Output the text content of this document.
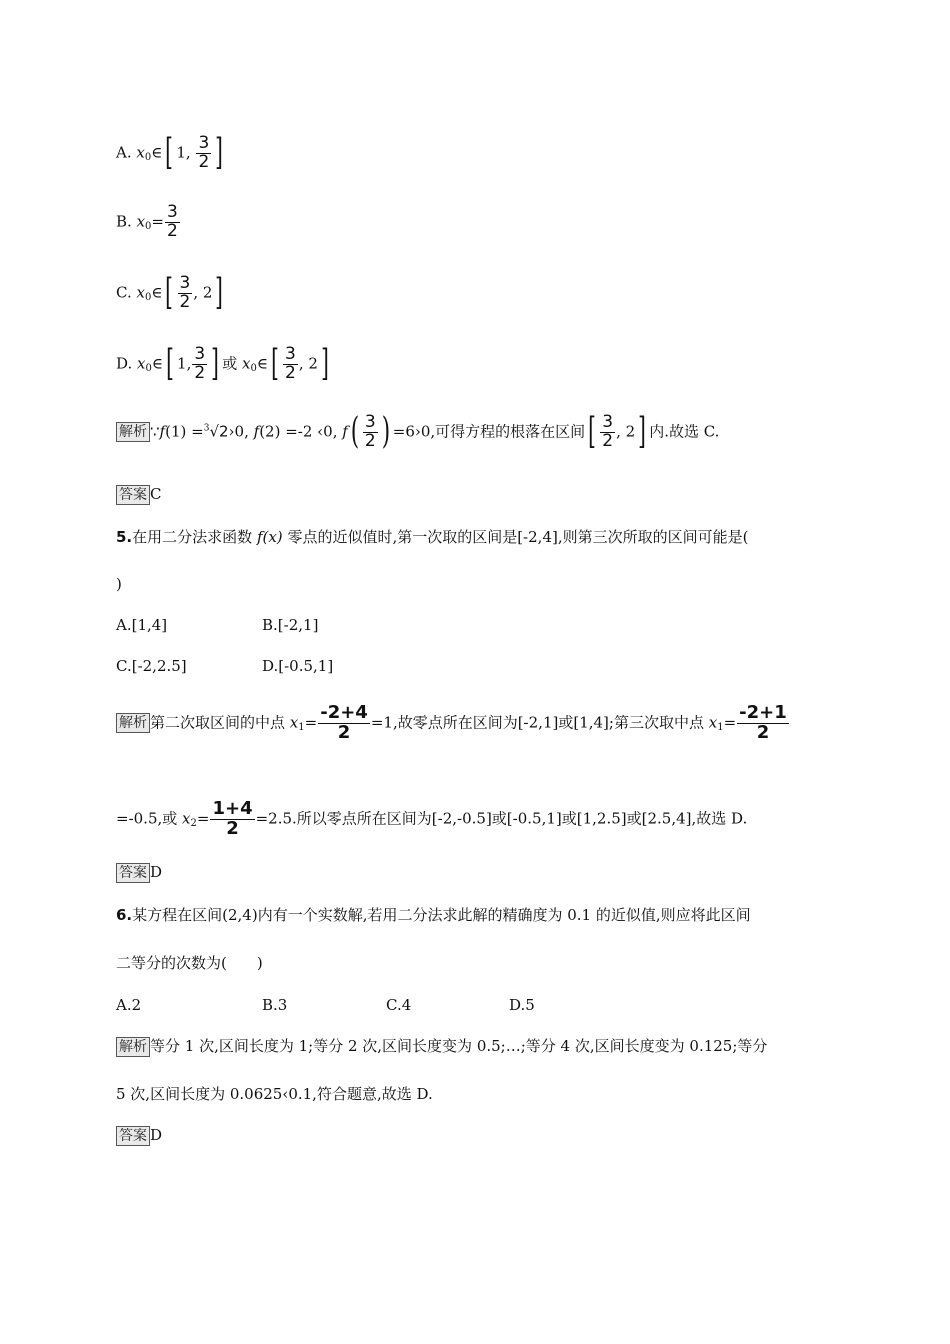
A. $x_0\in$[ 1, $\frac{3}{2}$ ]
B. $x_0= \frac{3}{2}$
C. $x_0\in[ \frac{3}{2}$ , 2]
D. $x_0\in$[ 1, $\frac{3}{2}$ ] 或 $x_0\in[ \frac{3}{2}$ , 2]
解析 ∵f(1) =$^3$√2›0, f(2) =-2 ‹0, $f( \frac{3}{2}$ ) =6›0,可得方程的根落在区间[ $\frac{3}{2}$ , 2] 内.故选 C.
答案 C
5.在用二分法求函数 f(x) 零点的近似值时,第一次取的区间是[-2,4],则第三次所取的区间可能是(
)
A.[1,4]	B.[-2,1]
C.[-2,2.5]	D.[-0.5,1]
解析 第二次取区间的中点 $x_1= \frac{-2+4}{2} =1$,故零点所在区间为[-2,1]或[1,4];第三次取中点 $x_1= \frac{-2+1}{2}$
=-0.5,或 $x_2= \frac{1+4}{2} =2.5$.所以零点所在区间为[-2,-0.5]或[-0.5,1]或[1,2.5]或[2.5,4],故选 D.
答案 D
6.某方程在区间(2,4)内有一个实数解,若用二分法求此解的精确度为 0.1 的近似值,则应将此区间
二等分的次数为(　　)
A.2	B.3	C.4	D.5
解析 等分 1 次,区间长度为 1;等分 2 次,区间长度变为 0.5;…;等分 4 次,区间长度变为 0.125;等分
5 次,区间长度为 0.0625‹0.1,符合题意,故选 D.
答案 D
